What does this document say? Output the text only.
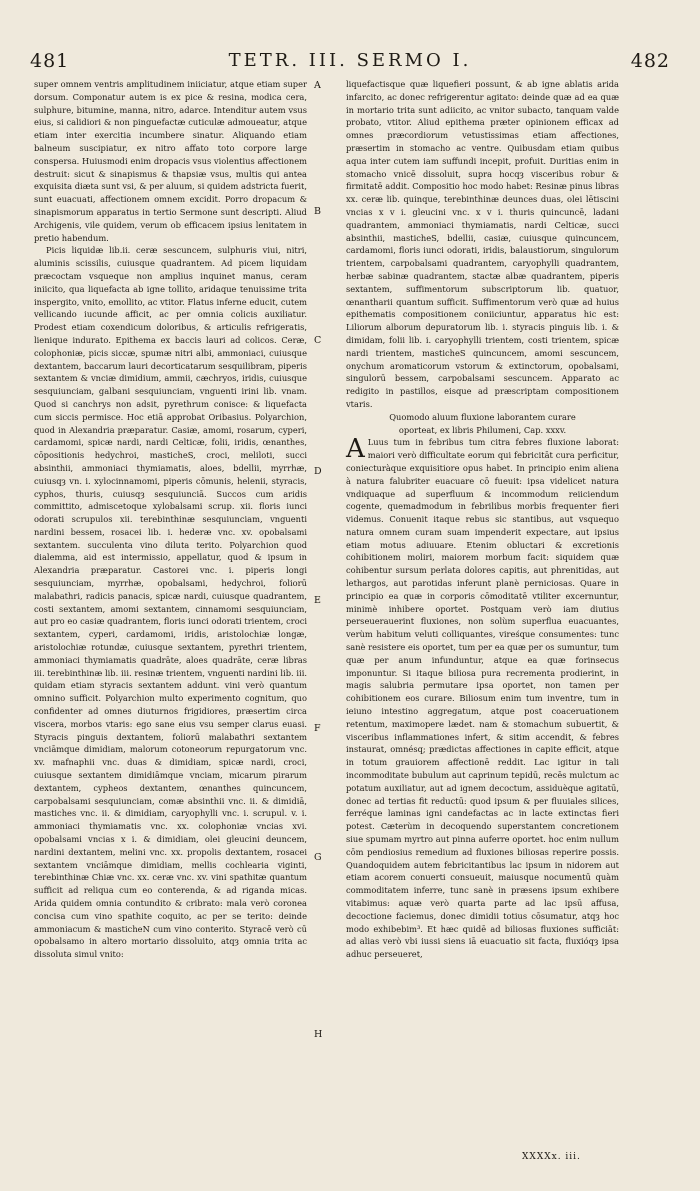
481	TETR. III. SERMO I.	482

super omnem ventris amplitudinem iniiciatur, atque etiam super dorsum. Componatur autem is ex pice & resina, modica cera, sulphure, bitumine, manna, nitro, adarce. Intenditur autem vsus eius, si calidiori & non pinguefactæ cuticulæ admoueatur, atque etiam inter exercitia incumbere sinatur. Aliquando etiam balneum suscipiatur, ex nitro affato toto corpore large conspersa. Huiusmodi enim dropacis vsus violentius affectionem destruit: sicut & sinapismus & thapsiæ vsus, multis qui antea exquisita diæta sunt vsi, & per aluum, si quidem adstricta fuerit, sunt euacuati, affectionem omnem excidit. Porro dropacum & sinapismorum apparatus in tertio Sermone sunt descripti. Aliud Archigenis, vile quidem, verum ob efficacem ipsius lenitatem in pretio habendum.

Picis liquidæ lib.ii. ceræ sescuncem, sulphuris viui, nitri, aluminis scissilis, cuiusque quadrantem. Ad picem liquidam præcoctam vsqueque non amplius inquinet manus, ceram iniicito, qua liquefacta ab igne tollito, aridaque tenuissime trita inspergito, vnito, emollito, ac vtitor. Flatus inferne educit, cutem vellicando iucunde afficit, ac per omnia colicis auxiliatur. Prodest etiam coxendicum doloribus, & articulis refrigeratis, lienique indurato. Epithema ex baccis lauri ad colicos. Ceræ, colophoniæ, picis siccæ, spumæ nitri albi, ammoniaci, cuiusque dextantem, baccarum lauri decorticatarum sesquilibram, piperis sextantem & vnciæ dimidium, ammii, cæchryos, iridis, cuiusque sesquiunciam, galbani sesquiunciam, vnguenti irini lib. vnam. Quod si canchrys non adsit, pyrethrum conisce: & liquefacta cum siccis permisce. Hoc etiā approbat Oribasius. Polyarchion, quod in Alexandria præparatur. Casiæ, amomi, rosarum, cyperi, cardamomi, spicæ nardi, nardi Celticæ, folii, iridis, œnanthes, cōpositionis hedychroi, masticheS, croci, meliloti, succi absinthii, ammoniaci thymiamatis, aloes, bdellii, myrrhæ, cuiusqȝ vn. i. xylocinnamomi, piperis cōmunis, helenii, styracis, cyphos, thuris, cuiusqȝ sesquiunciā. Succos cum aridis committito, admiscetoque xylobalsami scrup. xii. floris iunci odorati scrupulos xii. terebinthinæ sesquiunciam, vnguenti nardini bessem, rosacei lib. i. hederæ vnc. xv. opobalsami sextantem. succulenta vino diluta terito. Polyarchion quod dialemma, aid est intermissio, appellatur, quod & ipsum in Alexandria præparatur. Castorei vnc. i. piperis longi sesquiunciam, myrrhæ, opobalsami, hedychroi, foliorū malabathri, radicis panacis, spicæ nardi, cuiusque quadrantem, costi sextantem, amomi sextantem, cinnamomi sesquiunciam, aut pro eo casiæ quadrantem, floris iunci odorati trientem, croci sextantem, cyperi, cardamomi, iridis, aristolochiæ longæ, aristolochiæ rotundæ, cuiusque sextantem, pyrethri trientem, ammoniaci thymiamatis quadrāte, aloes quadrāte, ceræ libras iii. terebinthinæ lib. iii. resinæ trientem, vnguenti nardini lib. iii. quidam etiam styracis sextantem addunt. vini verò quantum omnino sufficit. Polyarchion multo experimento cognitum, quo confidenter ad omnes diuturnos frigidiores, præsertim circa viscera, morbos vtaris: ego sane eius vsu semper clarus euasi. Styracis pinguis dextantem, foliorū malabathri sextantem vnciāmque dimidiam, malorum cotoneorum repurgatorum vnc. xv. mafnaphii vnc. duas & dimidiam, spicæ nardi, croci, cuiusque sextantem dimidiāmque vnciam, micarum pirarum dextantem, cypheos dextantem, œnanthes quincuncem, carpobalsami sesquiunciam, comæ absinthii vnc. ii. & dimidiā, mastiches vnc. ii. & dimidiam, caryophylli vnc. i. scrupul. v. i. ammoniaci thymiamatis vnc. xx. colophoniæ vncias xvi. opobalsami vncias x i. & dimidiam, olei gleucini deuncem, nardini dextantem, melini vnc. xx. propolis dextantem, rosacei sextantem vnciāmque dimidiam, mellis cochlearia viginti, terebinthinæ Chiæ vnc. xx. ceræ vnc. xv. vini spathitæ quantum sufficit ad reliqua cum eo conterenda, & ad riganda micas. Arida quidem omnia contundito & cribrato: mala verò coronea concisa cum vino spathite coquito, ac per se terito: deinde ammoniacum & masticheN cum vino conterito. Styracē verò cū opobalsamo in altero mortario dissoluito, atqȝ omnia trita ac dissoluta simul vnito:

A
B
C
D
E
F
G
H

liquefactisque quæ liquefieri possunt, & ab igne ablatis arida infarcito, ac donec refrigerentur agitato: deinde quæ ad ea quæ in mortario trita sunt adiicito, ac vnitor subacto, tanquam valde probato, vtitor. Aliud epithema præter opinionem efficax ad omnes præcordiorum vetustissimas etiam affectiones, præsertim in stomacho ac ventre. Quibusdam etiam quibus aqua inter cutem iam suffundi incepit, profuit. Duritias enim in stomacho vnicē dissoluit, supra hocqȝ visceribus robur & firmitatē addit. Compositio hoc modo habet: Resinæ pinus libras xx. ceræ lib. quinque, terebinthinæ deunces duas, olei lētiscini vncias x v i. gleucini vnc. x v i. thuris quincuncē, ladani quadrantem, ammoniaci thymiamatis, nardi Celticæ, succi absinthii, masticheS, bdellii, casiæ, cuiusque quincuncem, cardamomi, floris iunci odorati, iridis, balaustiorum, singulorum trientem, carpobalsami quadrantem, caryophylli quadrantem, herbæ sabinæ quadrantem, stactæ albæ quadrantem, piperis sextantem, suffimentorum subscriptorum lib. quatuor, œnantharii quantum sufficit. Suffimentorum verò quæ ad huius epithematis compositionem coniiciuntur, apparatus hic est: Liliorum alborum depuratorum lib. i. styracis pinguis lib. i. & dimidam, folii lib. i. caryophylli trientem, costi trientem, spicæ nardi trientem, masticheS quincuncem, amomi sescuncem, onychum aromaticorum vstorum & extinctorum, opobalsami, singulorū bessem, carpobalsami sescuncem. Apparato ac redigito in pastillos, eisque ad præscriptam compositionem vtaris.

Quomodo aluum fluxione laborantem curare

oporteat, ex libris Philumeni, Cap. xxxv.

A Luus tum in febribus tum citra febres fluxione laborat: maiori verò difficultate eorum qui febricitāt cura perficitur, coniecturàque exquisitiore opus habet. In principio enim aliena à natura falubriter euacuare cō fueuit: ipsa videlicet natura vndiquaque ad superfluum & incommodum reiiciendum cogente, quemadmodum in febrilibus morbis frequenter fieri videmus. Conuenit itaque rebus sic stantibus, aut vsquequo natura omnem curam suam impenderit expectare, aut ipsius etiam motus adiuuare. Etenim obluctari & excretionis cohibitionem moliri, maiorem morbum facit: siquidem quæ cohibentur sursum perlata dolores capitis, aut phrenitidas, aut lethargos, aut parotidas inferunt planè perniciosas. Quare in principio ea quæ in corporis cōmoditatē vtiliter excernuntur, minimè inhibere oportet. Postquam verò iam diutius perseuerauerint fluxiones, non solùm superflua euacuantes, verùm habitum veluti colliquantes, vireśque consumentes: tunc sanè resistere eis oportet, tum per ea quæ per os sumuntur, tum quæ per anum infunduntur, atque ea quæ forinsecus imponuntur. Si itaque biliosa pura recrementa prodierint, in magis salubria permutare ipsa oportet, non tamen per cohibitionem eos curare. Biliosum enim tum inventre, tum in ieiuno intestino aggregatum, atque post coaceruationem retentum, maximopere lædet. nam & stomachum subuertit, & visceribus inflammationes infert, & sitim accendit, & febres instaurat, omnésq; prædictas affectiones in capite efficit, atque in totum grauiorem affectionē reddit. Lac igitur in tali incommoditate bubulum aut caprinum tepidū, recēs mulctum ac potatum auxiliatur, aut ad ignem decoctum, assiduèque agitatū, donec ad tertias fit reductū: quod ipsum & per fluuiales silices, ferréque laminas igni candefactas ac in lacte extinctas fieri potest. Cæterùm in decoquendo superstantem concretionem siue spumam myrtro aut pinna auferre oportet. hoc enim nullum cōm pendiosius remedium ad fluxiones biliosas reperire possis. Quandoquidem autem febricitantibus lac ipsum in nidorem aut etiam acorem conuerti consueuit, maiusque nocumentū quàm commoditatem inferre, tunc sanè in præsens ipsum exhibere vitabimus: aquæ verò quarta parte ad lac ipsū affusa, decoctione faciemus, donec dimidii totius cōsumatur, atqȝ hoc modo exhibebim³. Et hæc quidē ad biliosas fluxiones sufficiāt: ad alias verò vbi iussi siens iā euacuatio sit facta, fluxióqȝ ipsa adhuc perseueret,

XXXXx. iii.
